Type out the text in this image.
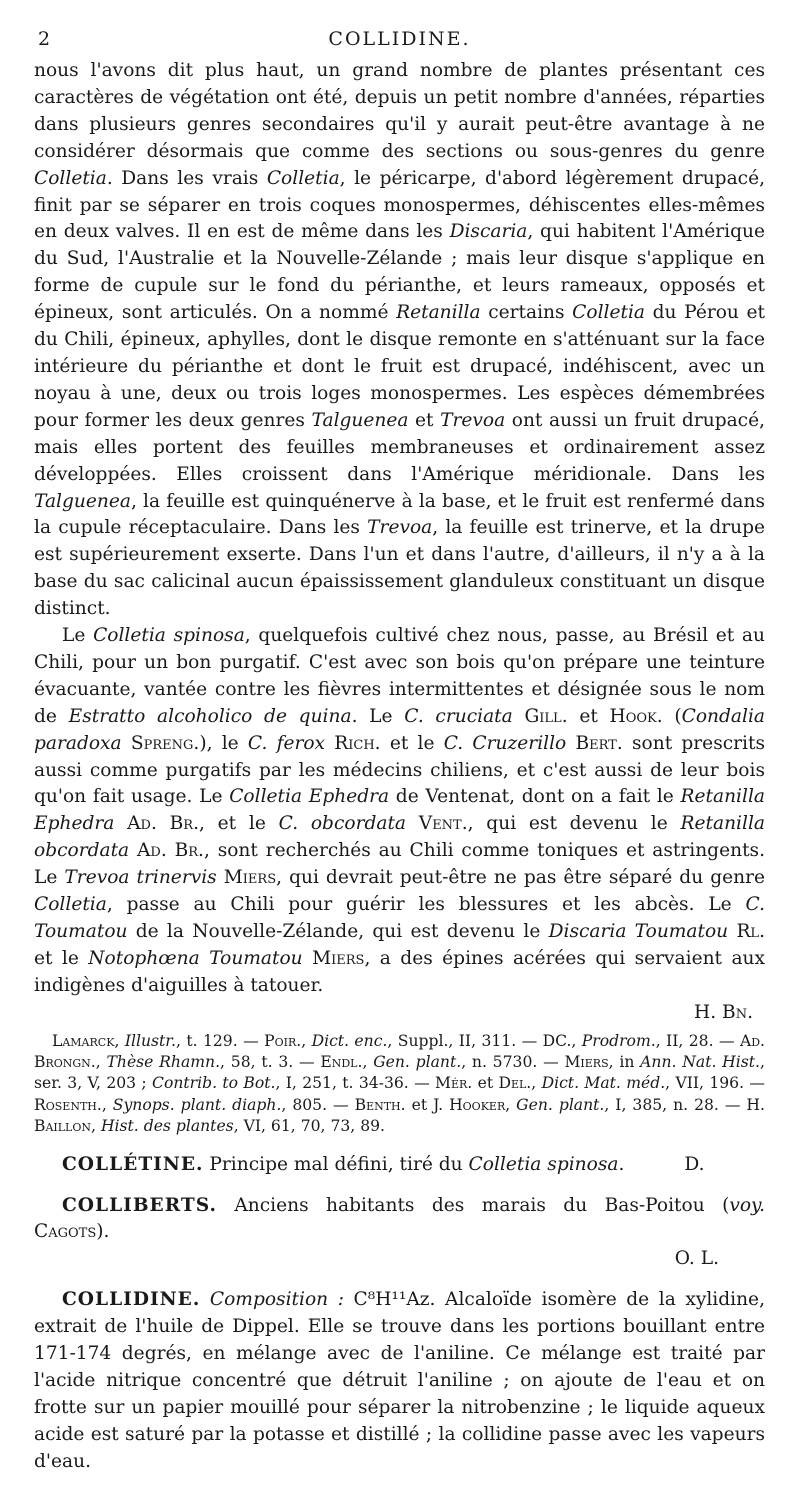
2	COLLIDINE.

nous l'avons dit plus haut, un grand nombre de plantes présentant ces caractères de végétation ont été, depuis un petit nombre d'années, réparties dans plusieurs genres secondaires qu'il y aurait peut-être avantage à ne considérer désormais que comme des sections ou sous-genres du genre Colletia. Dans les vrais Colletia, le péricarpe, d'abord légèrement drupacé, finit par se séparer en trois coques monospermes, déhiscentes elles-mêmes en deux valves. Il en est de même dans les Discaria, qui habitent l'Amérique du Sud, l'Australie et la Nouvelle-Zélande ; mais leur disque s'applique en forme de cupule sur le fond du périanthe, et leurs rameaux, opposés et épineux, sont articulés. On a nommé Retanilla certains Colletia du Pérou et du Chili, épineux, aphylles, dont le disque remonte en s'atténuant sur la face intérieure du périanthe et dont le fruit est drupacé, indéhiscent, avec un noyau à une, deux ou trois loges monospermes. Les espèces démembrées pour former les deux genres Talguenea et Trevoa ont aussi un fruit drupacé, mais elles portent des feuilles membraneuses et ordinairement assez développées. Elles croissent dans l'Amérique méridionale. Dans les Talguenea, la feuille est quinquénerve à la base, et le fruit est renfermé dans la cupule réceptaculaire. Dans les Trevoa, la feuille est trinerve, et la drupe est supérieurement exserte. Dans l'un et dans l'autre, d'ailleurs, il n'y a à la base du sac calicinal aucun épaississement glanduleux constituant un disque distinct.

Le Colletia spinosa, quelquefois cultivé chez nous, passe, au Brésil et au Chili, pour un bon purgatif. C'est avec son bois qu'on prépare une teinture évacuante, vantée contre les fièvres intermittentes et désignée sous le nom de Estratto alcoholico de quina. Le C. cruciata Gill. et Hook. (Condalia paradoxa Spreng.), le C. ferox Rich. et le C. Cruzerillo Bert. sont prescrits aussi comme purgatifs par les médecins chiliens, et c'est aussi de leur bois qu'on fait usage. Le Colletia Ephedra de Ventenat, dont on a fait le Retanilla Ephedra Ad. Br., et le C. obcordata Vent., qui est devenu le Retanilla obcordata Ad. Br., sont recherchés au Chili comme toniques et astringents. Le Trevoa trinervis Miers, qui devrait peut-être ne pas être séparé du genre Colletia, passe au Chili pour guérir les blessures et les abcès. Le C. Toumatou de la Nouvelle-Zélande, qui est devenu le Discaria Toumatou Rl. et le Notophœna Toumatou Miers, a des épines acérées qui servaient aux indigènes d'aiguilles à tatouer.

H. Bn.

Lamarck, Illustr., t. 129. — Poir., Dict. enc., Suppl., II, 311. — DC., Prodrom., II, 28. — Ad. Brongn., Thèse Rhamn., 58, t. 3. — Endl., Gen. plant., n. 5730. — Miers, in Ann. Nat. Hist., ser. 3, V, 203 ; Contrib. to Bot., I, 251, t. 34-36. — Mér. et Del., Dict. Mat. méd., VII, 196. — Rosenth., Synops. plant. diaph., 805. — Benth. et J. Hooker, Gen. plant., I, 385, n. 28. — H. Baillon, Hist. des plantes, VI, 61, 70, 73, 89.

COLLÉTINE. Principe mal défini, tiré du Colletia spinosa.	D.

COLLIBERTS. Anciens habitants des marais du Bas-Poitou (voy. Cagots).

O. L.

COLLIDINE. Composition : C⁸H¹¹Az. Alcaloïde isomère de la xylidine, extrait de l'huile de Dippel. Elle se trouve dans les portions bouillant entre 171-174 degrés, en mélange avec de l'aniline. Ce mélange est traité par l'acide nitrique concentré que détruit l'aniline ; on ajoute de l'eau et on frotte sur un papier mouillé pour séparer la nitrobenzine ; le liquide aqueux acide est saturé par la potasse et distillé ; la collidine passe avec les vapeurs d'eau.
